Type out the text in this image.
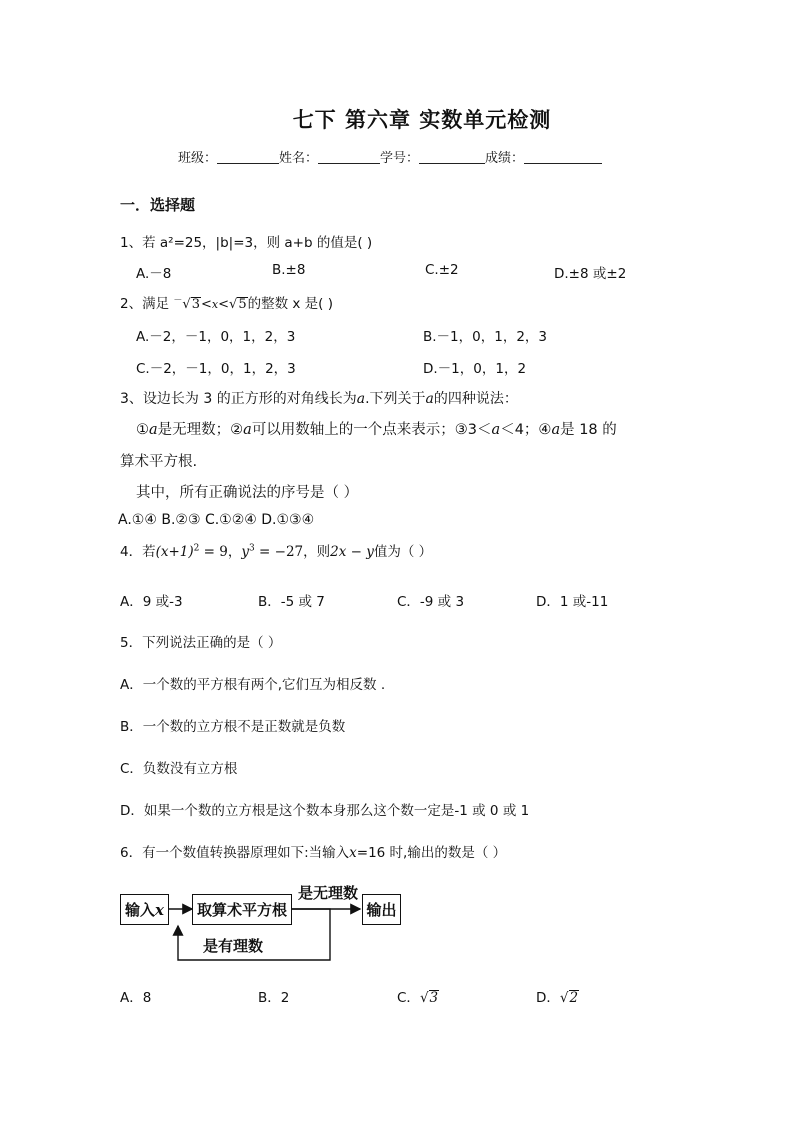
七下 第六章 实数单元检测
班级：	姓名：	学号：	成绩：
一．选择题
1、若 a²=25，|b|=3，则 a+b 的值是( )
A.－8	B.±8	C.±2	D.±8 或±2
2、满足 －√3<x<√5的整数 x 是( )
A.－2，－1，0，1，2，3	B.－1，0，1，2，3
C.－2，－1，0，1，2，3	D.－1，0，1，2
3、设边长为 3 的正方形的对角线长为a.下列关于a的四种说法：
①a是无理数；②a可以用数轴上的一个点来表示；③3＜a＜4；④a是 18 的
算术平方根.
其中，所有正确说法的序号是（ ）
A.①④ B.②③ C.①②④ D.①③④
4．若$(x+1)^2 = 9$，$y^3 = -27$，则2x − y值为（ ）
A．9 或-3	B．-5 或 7	C．-9 或 3	D．1 或-11
5．下列说法正确的是（ ）
A．一个数的平方根有两个,它们互为相反数 .
B．一个数的立方根不是正数就是负数
C．负数没有立方根
D．如果一个数的立方根是这个数本身那么这个数一定是-1 或 0 或 1
6．有一个数值转换器原理如下:当输入x=16 时,输出的数是（ ）
输入 x	取算术平方根
是无理数
输出
是有理数
A．8	B．2	C．√3	D．√2
